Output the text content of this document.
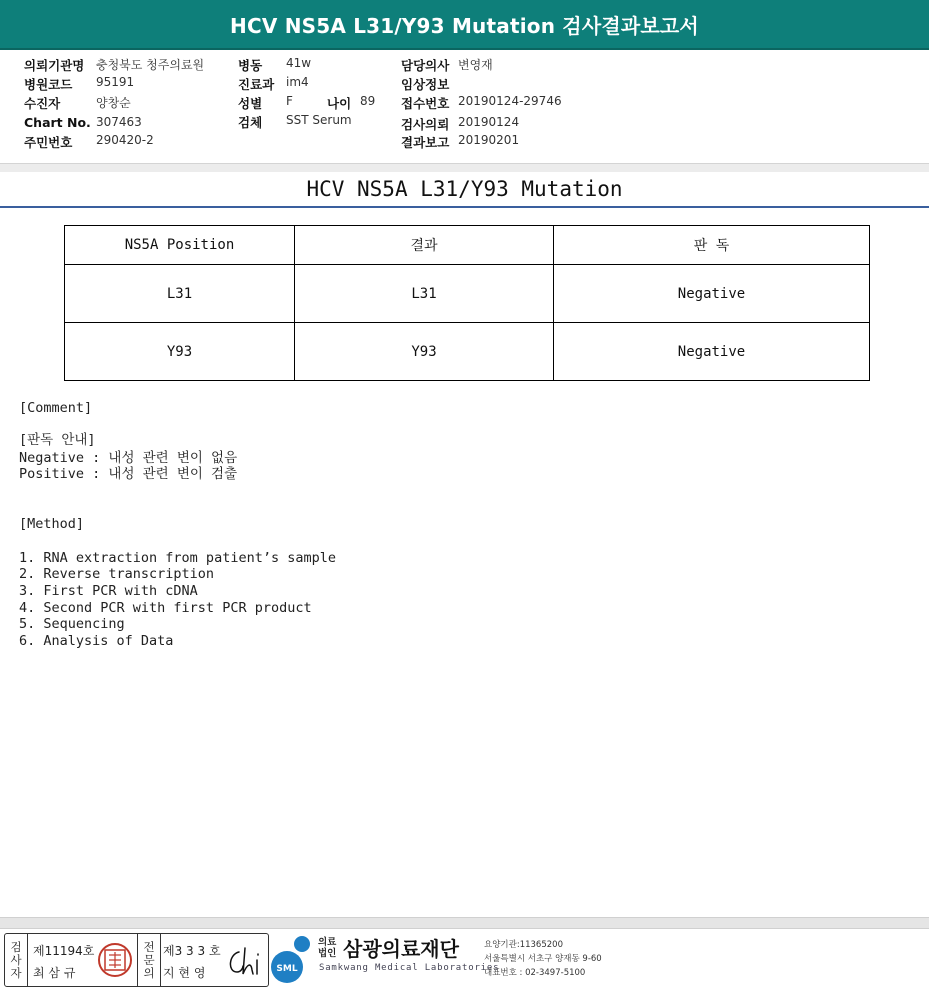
HCV NS5A L31/Y93 Mutation 검사결과보고서
의뢰기관명 충청북도 청주의료원
병원코드 95191
수진자	양창순
Chart No. 307463
주민번호 290420-2
병동 41w
진료과 im4
성별 F	나이 89
검체 SST Serum
담당의사 변영재
임상정보
접수번호 20190124-29746
검사의뢰 20190124
결과보고 20190201
HCV NS5A L31/Y93 Mutation
NS5A Position	결과	판 독
L31	L31	Negative
Y93	Y93	Negative
[Comment]
[판독 안내]
Negative : 내성 관련 변이 없음
Positive : 내성 관련 변이 검출
[Method]
1. RNA extraction from patient’s sample
2. Reverse transcription
3. First PCR with cDNA
4. Second PCR with first PCR product
5. Sequencing
6. Analysis of Data
검
사
자
제11194호
최 삼 규
전
문
의
제3 3 3 호
지 현 영	SML
의료
법인 삼광의료재단
Samkwang Medical Laboratories
요양기관:11365200
서울특별시 서초구 양재동 9-60
대표번호 : 02-3497-5100
